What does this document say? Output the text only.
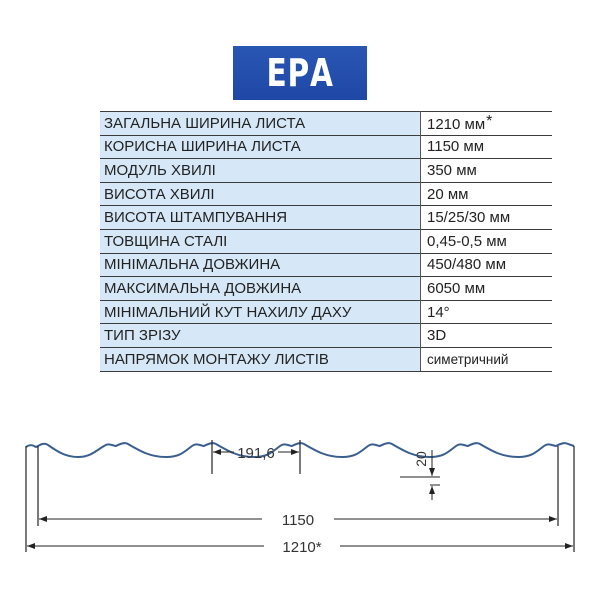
ЕРА
ЗАГАЛЬНА ШИРИНА ЛИСТА	1210 мм*
КОРИСНА ШИРИНА ЛИСТА	1150 мм
МОДУЛЬ ХВИЛІ	350 мм
ВИСОТА ХВИЛІ	20 мм
ВИСОТА ШТАМПУВАННЯ	15/25/30 мм
ТОВЩИНА СТАЛІ	0,45-0,5 мм
МІНІМАЛЬНА ДОВЖИНА	450/480 мм
МАКСИМАЛЬНА ДОВЖИНА	6050 мм
МІНІМАЛЬНИЙ КУТ НАХИЛУ ДАХУ	14°
ТИП ЗРІЗУ	3D
НАПРЯМОК МОНТАЖУ ЛИСТІВ	симетричний
191,6	20
1150
1210*
